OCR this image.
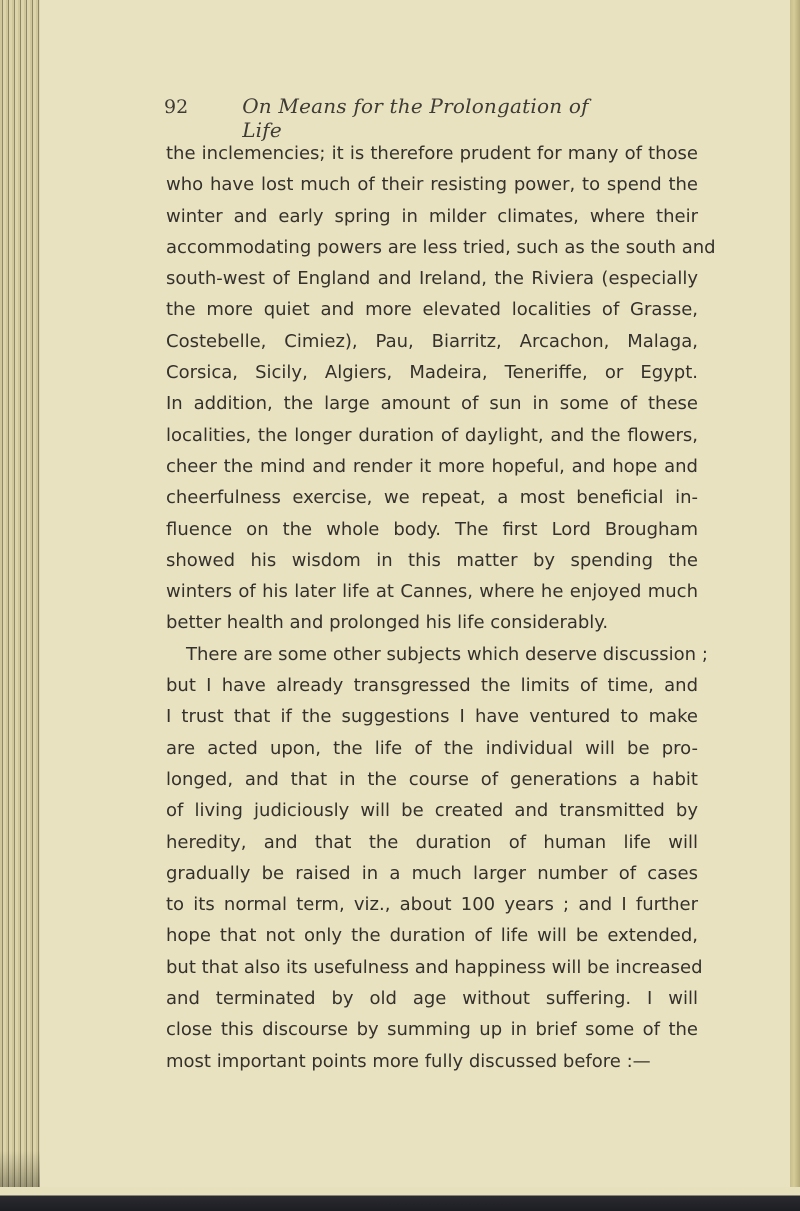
92	On Means for the Prolongation of Life
the inclemencies; it is therefore prudent for many of those
who have lost much of their resisting power, to spend the
winter and early spring in milder climates, where their
accommodating powers are less tried, such as the south and
south-west of England and Ireland, the Riviera (especially
the more quiet and more elevated localities of Grasse,
Costebelle, Cimiez), Pau, Biarritz, Arcachon, Malaga,
Corsica, Sicily, Algiers, Madeira, Teneriffe, or Egypt.
In addition, the large amount of sun in some of these
localities, the longer duration of daylight, and the flowers,
cheer the mind and render it more hopeful, and hope and
cheerfulness exercise, we repeat, a most beneficial in-
fluence on the whole body. The first Lord Brougham
showed his wisdom in this matter by spending the
winters of his later life at Cannes, where he enjoyed much
better health and prolonged his life considerably.
There are some other subjects which deserve discussion ;
but I have already transgressed the limits of time, and
I trust that if the suggestions I have ventured to make
are acted upon, the life of the individual will be pro-
longed, and that in the course of generations a habit
of living judiciously will be created and transmitted by
heredity, and that the duration of human life will
gradually be raised in a much larger number of cases
to its normal term, viz., about 100 years ; and I further
hope that not only the duration of life will be extended,
but that also its usefulness and happiness will be increased
and terminated by old age without suffering. I will
close this discourse by summing up in brief some of the
most important points more fully discussed before :—
